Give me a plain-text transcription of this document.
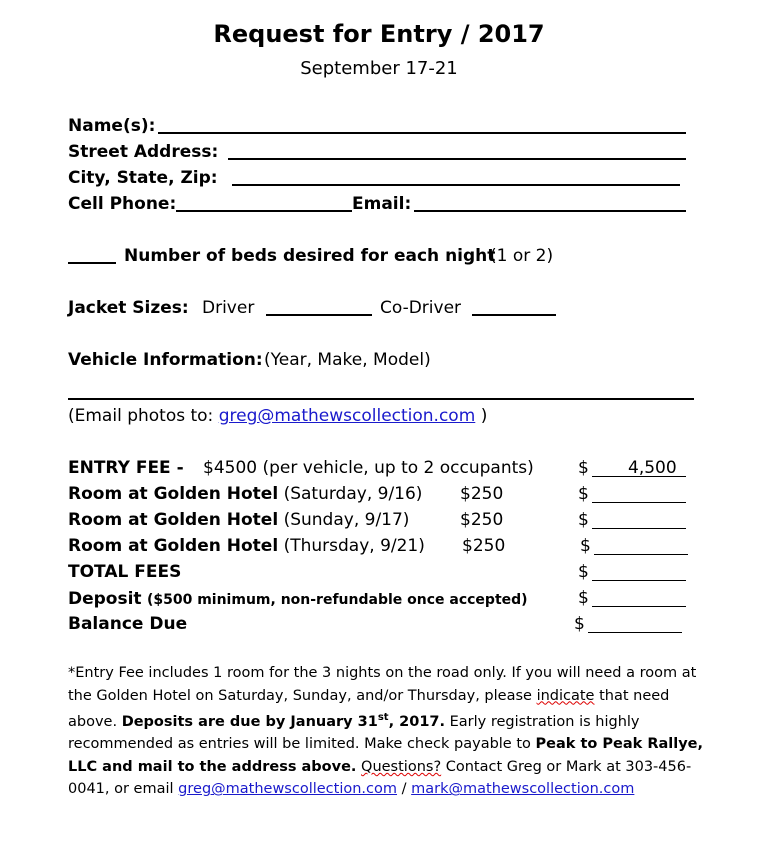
Request for Entry / 2017
September 17-21
Name(s):
Street Address:
City, State, Zip:
Cell Phone:	Email:
Number of beds desired for each night
(1 or 2)
Jacket Sizes: Driver	Co-Driver
Vehicle Information: (Year, Make, Model)
(Email photos to: greg@mathewscollection.com )
ENTRY FEE - $4500 (per vehicle, up to 2 occupants)	$ 4,500
Room at Golden Hotel (Saturday, 9/16) $250	$
Room at Golden Hotel (Sunday, 9/17)	$250	$
Room at Golden Hotel (Thursday, 9/21) $250	$
TOTAL FEES	$
Deposit ($500 minimum, non-refundable once accepted)	$
Balance Due	$
*Entry Fee includes 1 room for the 3 nights on the road only. If you will need a room at the Golden Hotel on Saturday, Sunday, and/or Thursday, please indicate that need above. Deposits are due by January 31st, 2017. Early registration is highly recommended as entries will be limited. Make check payable to Peak to Peak Rallye, LLC and mail to the address above. Questions? Contact Greg or Mark at 303-456-0041, or email greg@mathewscollection.com / mark@mathewscollection.com
